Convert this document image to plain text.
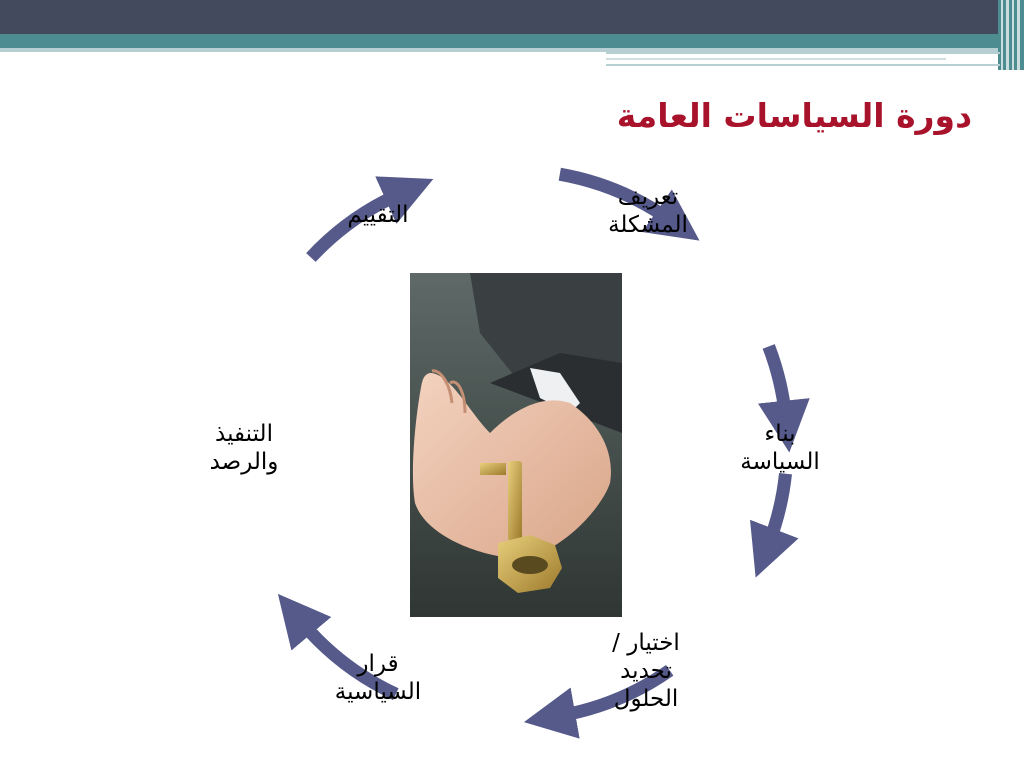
دورة السياسات العامة
تعريف
المشكلة
بناء
السياسة
اختيار /
تحديد
الحلول
قرار
السياسية
التنفيذ
والرصد
التقييم
